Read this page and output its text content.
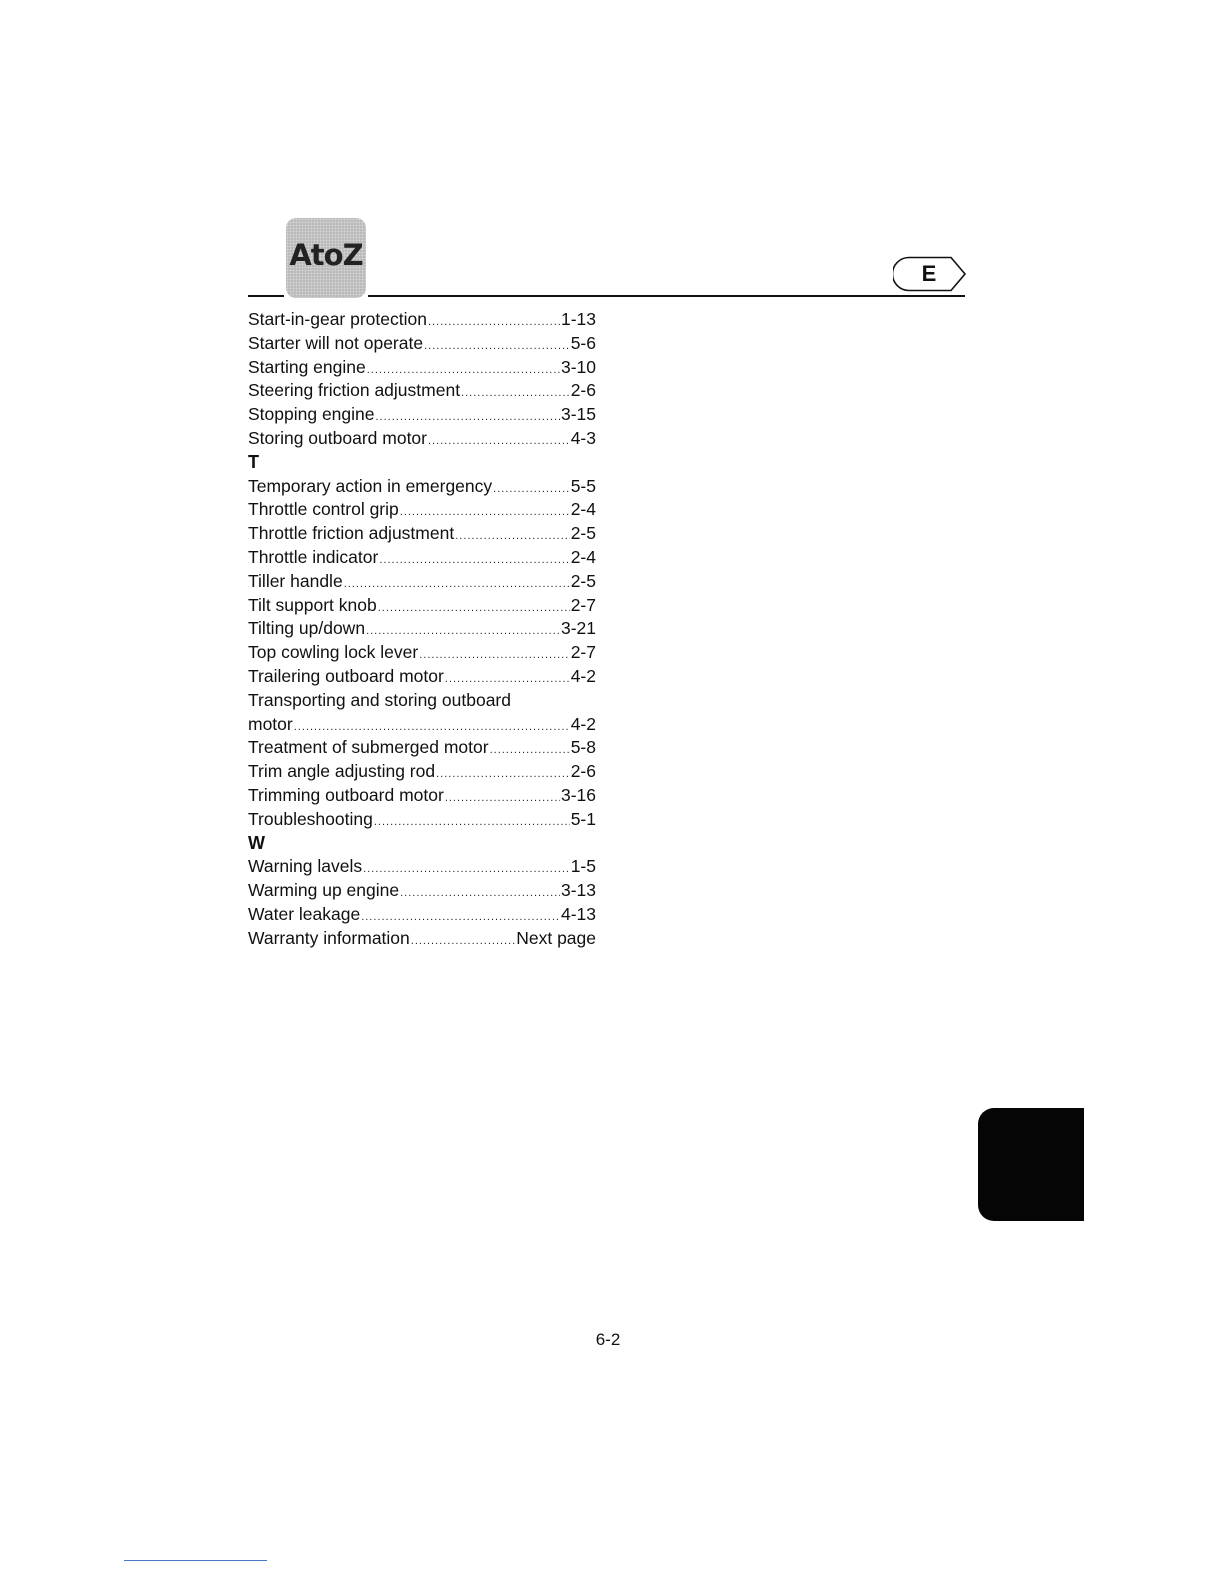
AtoZ
E
Start-in-gear protection .....	1-13
Starter will not operate .....	5-6
Starting engine .....	3-10
Steering friction adjustment .....	2-6
Stopping engine .....	3-15
Storing outboard motor .....	4-3
T
Temporary action in emergency .....	5-5
Throttle control grip .....	2-4
Throttle friction adjustment .....	2-5
Throttle indicator .....	2-4
Tiller handle .....	2-5
Tilt support knob .....	2-7
Tilting up/down .....	3-21
Top cowling lock lever .....	2-7
Trailering outboard motor .....	4-2
Transporting and storing outboard
motor .....	4-2
Treatment of submerged motor .....	5-8
Trim angle adjusting rod .....	2-6
Trimming outboard motor .....	3-16
Troubleshooting .....	5-1
W
Warning lavels .....	1-5
Warming up engine .....	3-13
Water leakage .....	4-13
Warranty information .....	Next page
6-2
